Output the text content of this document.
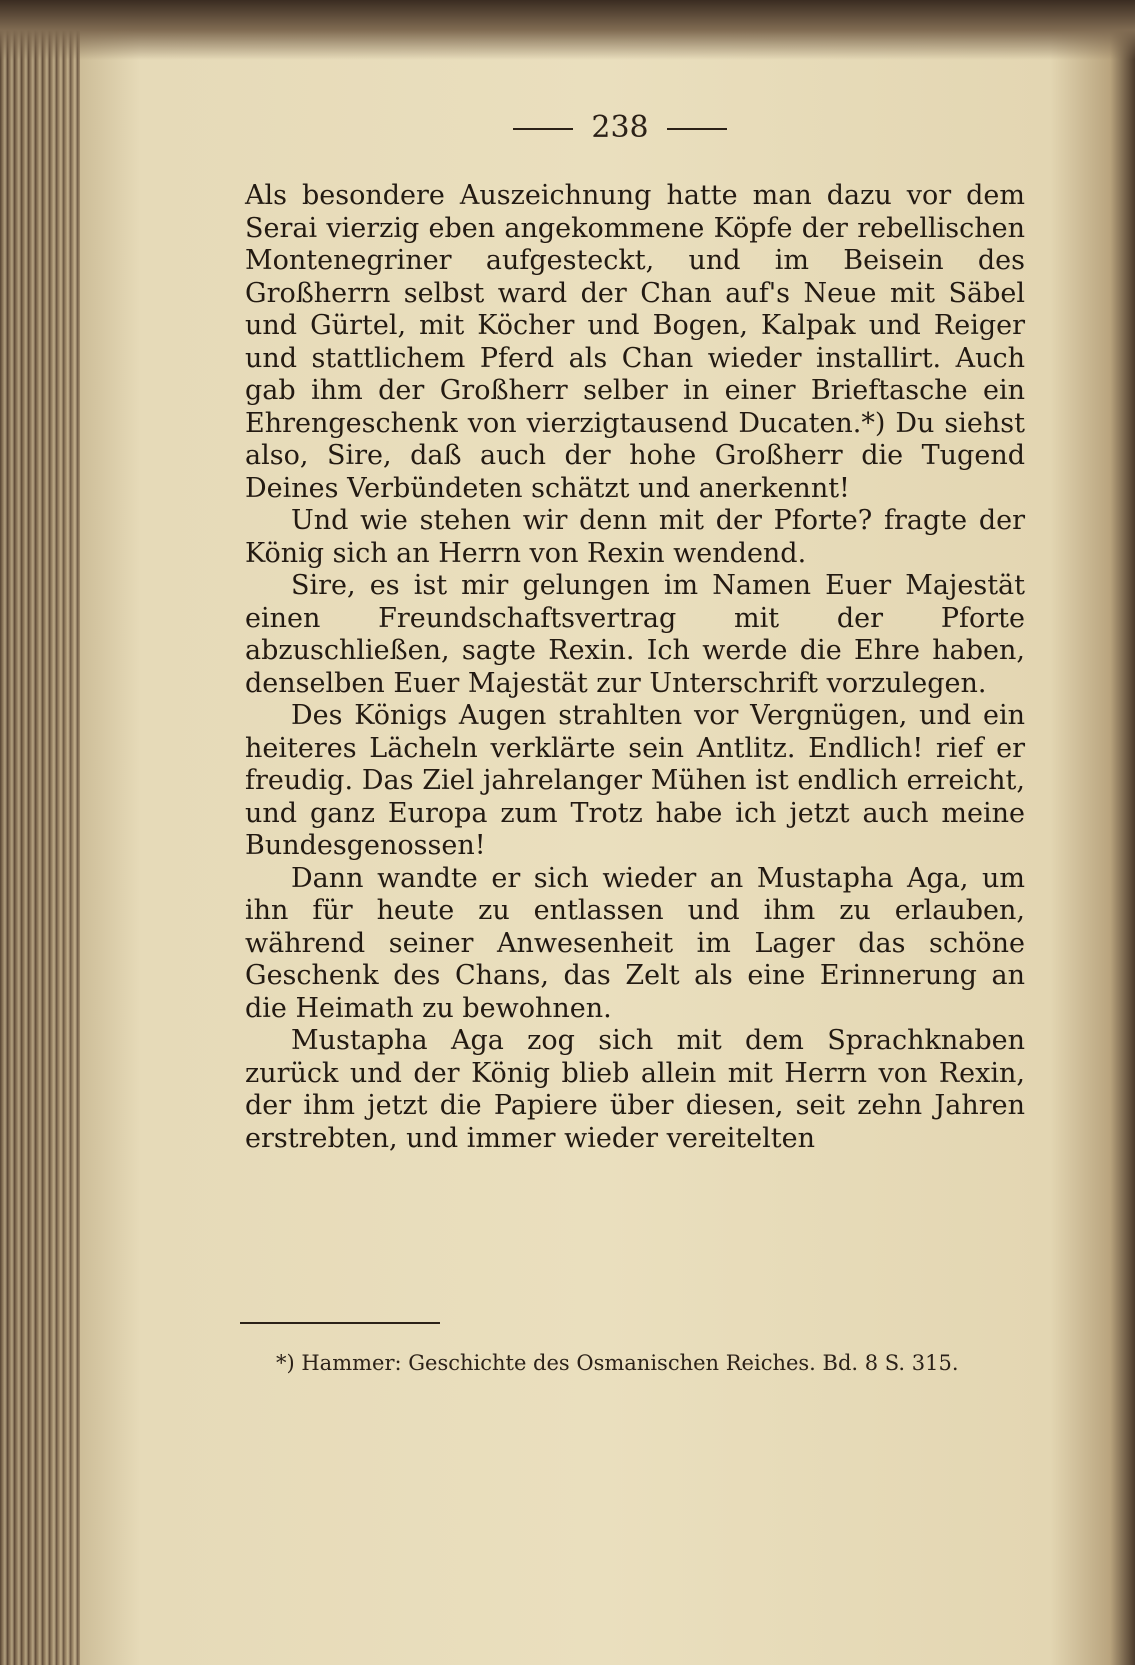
238

Als besondere Auszeichnung hatte man dazu vor dem Serai vierzig eben angekommene Köpfe der rebellischen Montenegriner aufgesteckt, und im Beisein des Großherrn selbst ward der Chan auf's Neue mit Säbel und Gürtel, mit Köcher und Bogen, Kalpak und Reiger und stattlichem Pferd als Chan wieder installirt. Auch gab ihm der Großherr selber in einer Brieftasche ein Ehrengeschenk von vierzigtausend Ducaten.*) Du siehst also, Sire, daß auch der hohe Großherr die Tugend Deines Verbündeten schätzt und anerkennt!

Und wie stehen wir denn mit der Pforte? fragte der König sich an Herrn von Rexin wendend.

Sire, es ist mir gelungen im Namen Euer Majestät einen Freundschaftsvertrag mit der Pforte abzuschließen, sagte Rexin. Ich werde die Ehre haben, denselben Euer Majestät zur Unterschrift vorzulegen.

Des Königs Augen strahlten vor Vergnügen, und ein heiteres Lächeln verklärte sein Antlitz. Endlich! rief er freudig. Das Ziel jahrelanger Mühen ist endlich erreicht, und ganz Europa zum Trotz habe ich jetzt auch meine Bundesgenossen!

Dann wandte er sich wieder an Mustapha Aga, um ihn für heute zu entlassen und ihm zu erlauben, während seiner Anwesenheit im Lager das schöne Geschenk des Chans, das Zelt als eine Erinnerung an die Heimath zu bewohnen.

Mustapha Aga zog sich mit dem Sprachknaben zurück und der König blieb allein mit Herrn von Rexin, der ihm jetzt die Papiere über diesen, seit zehn Jahren erstrebten, und immer wieder vereitelten

*) Hammer: Geschichte des Osmanischen Reiches. Bd. 8 S. 315.
